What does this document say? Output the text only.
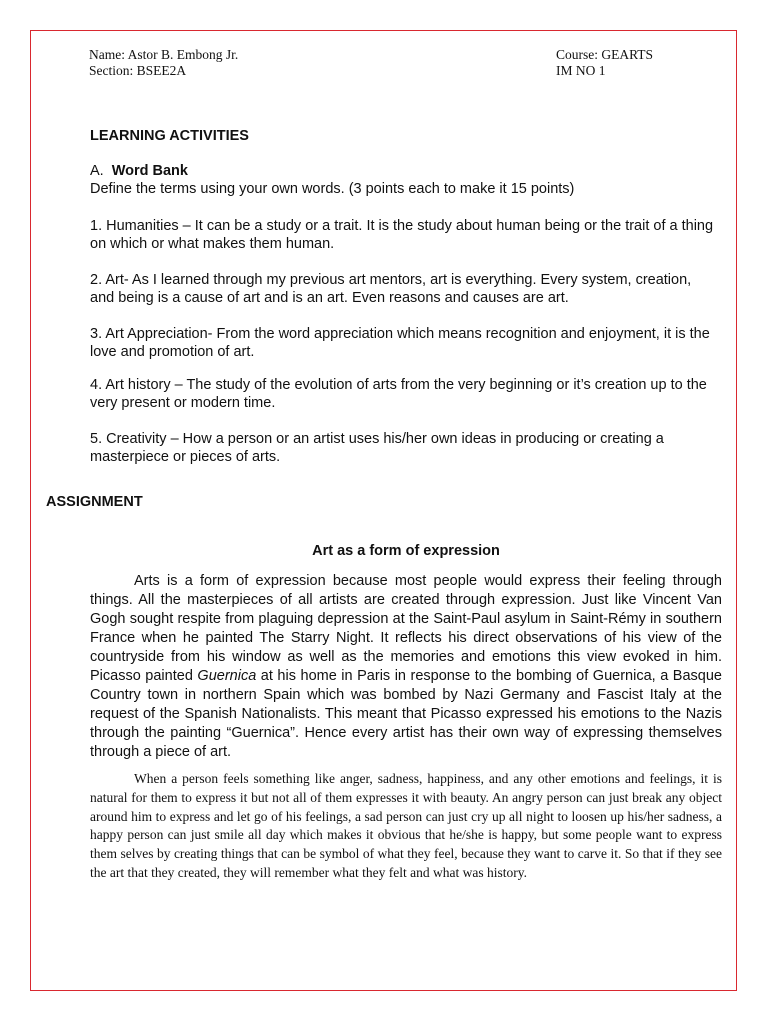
Name: Astor B. Embong Jr.
Section: BSEE2A
Course: GEARTS
IM NO 1
LEARNING ACTIVITIES
A. Word Bank

Define the terms using your own words. (3 points each to make it 15 points)

1. Humanities – It can be a study or a trait. It is the study about human being or the trait of a thing on which or what makes them human.

2. Art- As I learned through my previous art mentors, art is everything. Every system, creation, and being is a cause of art and is an art. Even reasons and causes are art.

3. Art Appreciation- From the word appreciation which means recognition and enjoyment, it is the love and promotion of art.

4. Art history – The study of the evolution of arts from the very beginning or it’s creation up to the very present or modern time.

5. Creativity – How a person or an artist uses his/her own ideas in producing or creating a masterpiece or pieces of arts.

ASSIGNMENT
Art as a form of expression

Arts is a form of expression because most people would express their feeling through things. All the masterpieces of all artists are created through expression. Just like Vincent Van Gogh sought respite from plaguing depression at the Saint-Paul asylum in Saint-Rémy in southern France when he painted The Starry Night. It reflects his direct observations of his view of the countryside from his window as well as the memories and emotions this view evoked in him. Picasso painted Guernica at his home in Paris in response to the bombing of Guernica, a Basque Country town in northern Spain which was bombed by Nazi Germany and Fascist Italy at the request of the Spanish Nationalists. This meant that Picasso expressed his emotions to the Nazis through the painting “Guernica”. Hence every artist has their own way of expressing themselves through a piece of art.

When a person feels something like anger, sadness, happiness, and any other emotions and feelings, it is natural for them to express it but not all of them expresses it with beauty. An angry person can just break any object around him to express and let go of his feelings, a sad person can just cry up all night to loosen up his/her sadness, a happy person can just smile all day which makes it obvious that he/she is happy, but some people want to express them selves by creating things that can be symbol of what they feel, because they want to carve it. So that if they see the art that they created, they will remember what they felt and what was history.
